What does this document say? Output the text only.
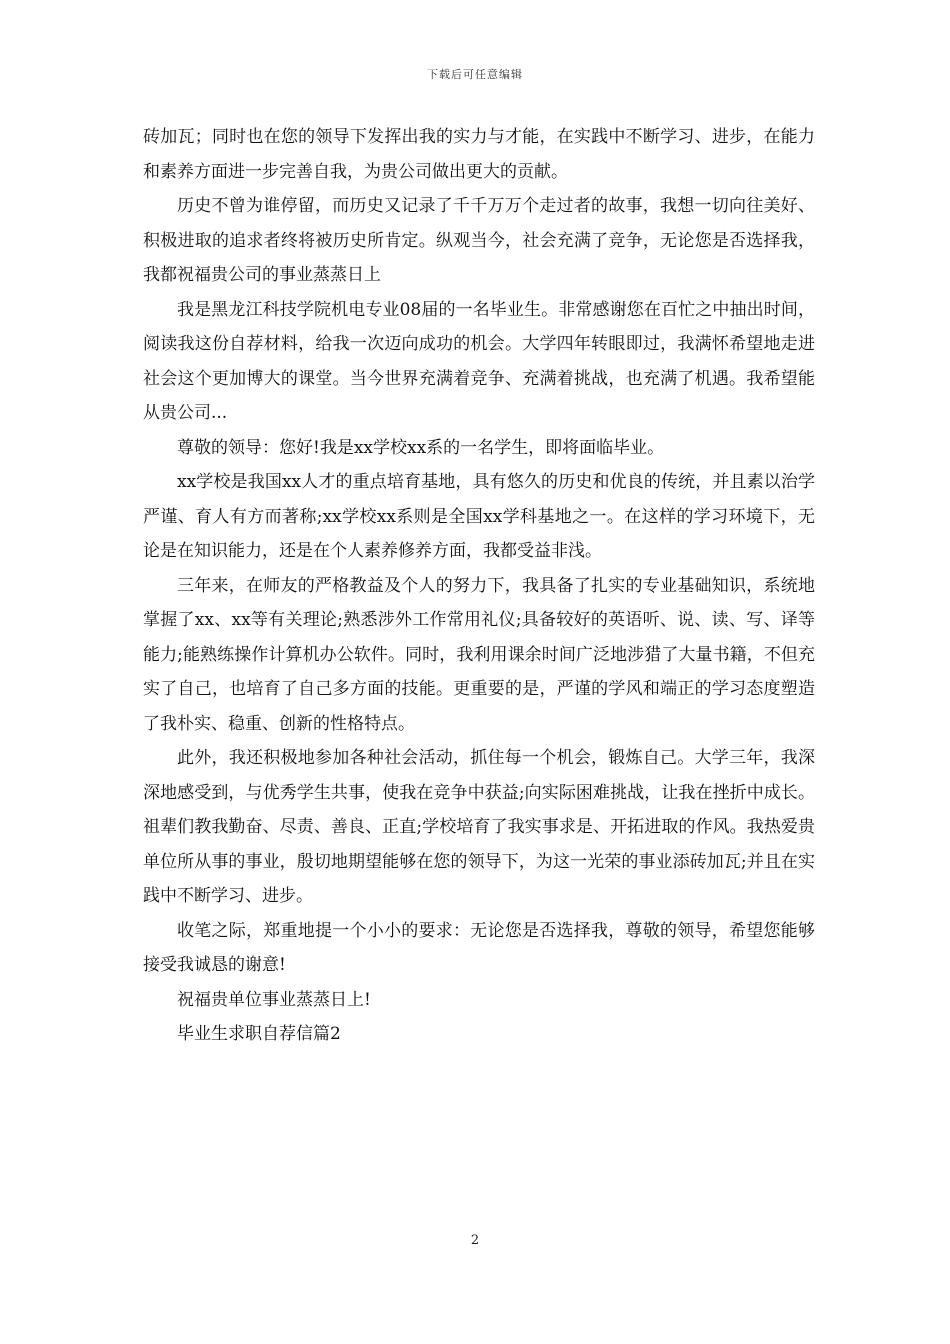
下载后可任意编辑

砖加瓦；同时也在您的领导下发挥出我的实力与才能，在实践中不断学习、进步，在能力和素养方面进一步完善自我，为贵公司做出更大的贡献。

历史不曾为谁停留，而历史又记录了千千万万个走过者的故事，我想一切向往美好、积极进取的追求者终将被历史所肯定。纵观当今，社会充满了竞争，无论您是否选择我，我都祝福贵公司的事业蒸蒸日上

我是黑龙江科技学院机电专业08届的一名毕业生。非常感谢您在百忙之中抽出时间，阅读我这份自荐材料，给我一次迈向成功的机会。大学四年转眼即过，我满怀希望地走进社会这个更加博大的课堂。当今世界充满着竞争、充满着挑战，也充满了机遇。我希望能从贵公司...

尊敬的领导：您好!我是xx学校xx系的一名学生，即将面临毕业。

xx学校是我国xx人才的重点培育基地，具有悠久的历史和优良的传统，并且素以治学严谨、育人有方而著称;xx学校xx系则是全国xx学科基地之一。在这样的学习环境下，无论是在知识能力，还是在个人素养修养方面，我都受益非浅。

三年来，在师友的严格教益及个人的努力下，我具备了扎实的专业基础知识，系统地掌握了xx、xx等有关理论;熟悉涉外工作常用礼仪;具备较好的英语听、说、读、写、译等能力;能熟练操作计算机办公软件。同时，我利用课余时间广泛地涉猎了大量书籍，不但充实了自己，也培育了自己多方面的技能。更重要的是，严谨的学风和端正的学习态度塑造了我朴实、稳重、创新的性格特点。

此外，我还积极地参加各种社会活动，抓住每一个机会，锻炼自己。大学三年，我深深地感受到，与优秀学生共事，使我在竞争中获益;向实际困难挑战，让我在挫折中成长。祖辈们教我勤奋、尽责、善良、正直;学校培育了我实事求是、开拓进取的作风。我热爱贵单位所从事的事业，殷切地期望能够在您的领导下，为这一光荣的事业添砖加瓦;并且在实践中不断学习、进步。

收笔之际，郑重地提一个小小的要求：无论您是否选择我，尊敬的领导，希望您能够接受我诚恳的谢意!

祝福贵单位事业蒸蒸日上!

毕业生求职自荐信篇2

2
